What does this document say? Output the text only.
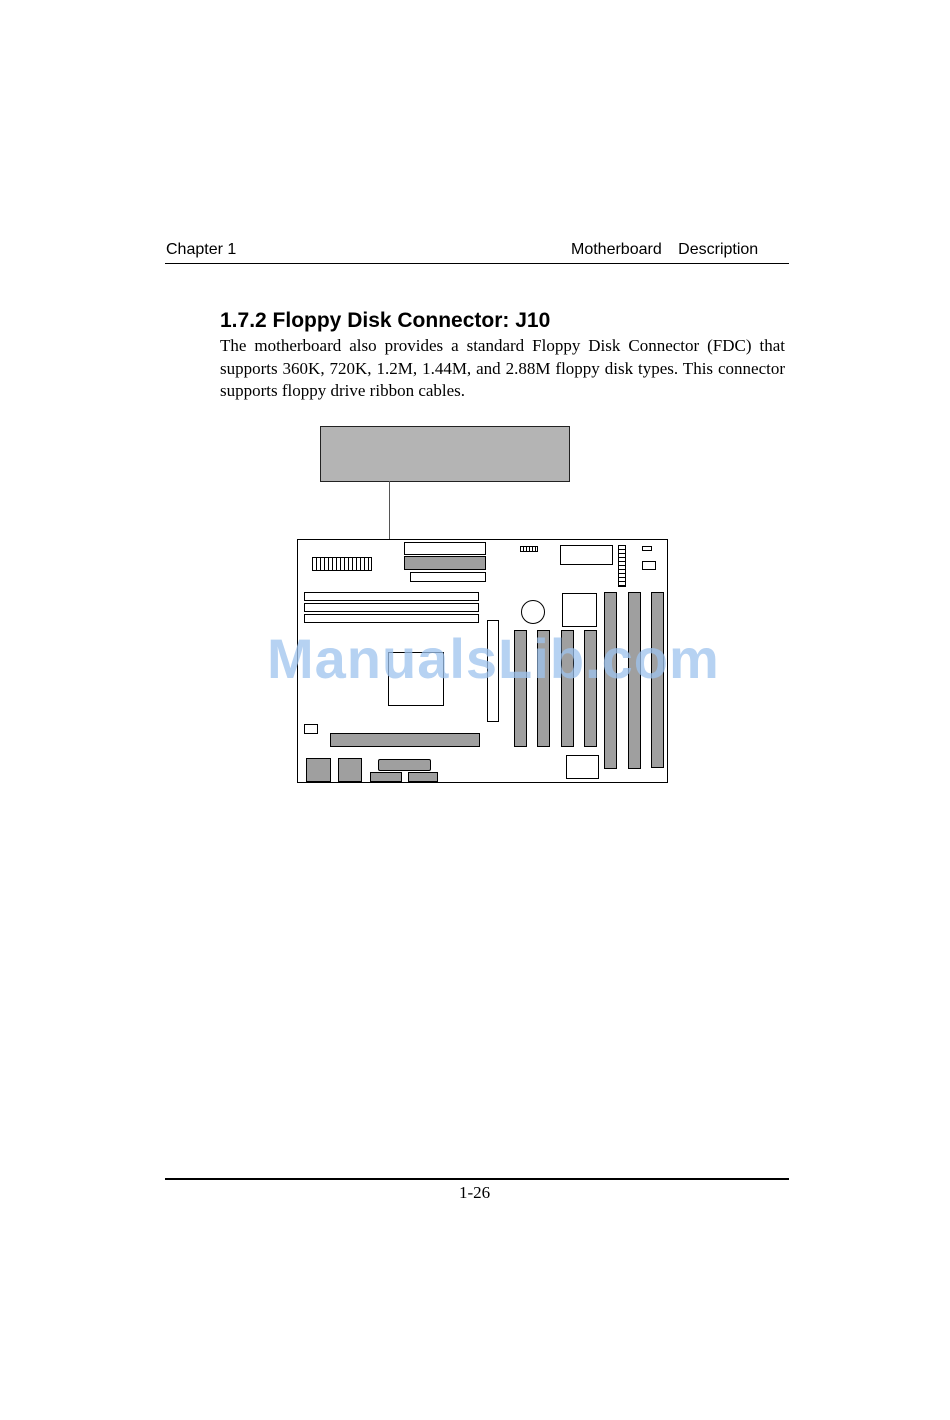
Chapter 1	Motherboard Description
1.7.2 Floppy Disk Connector: J10

The motherboard also provides a standard Floppy Disk Connector (FDC) that supports 360K, 720K, 1.2M, 1.44M, and 2.88M floppy disk types. This connector supports floppy drive ribbon cables.

ManualsLib.com
1-26
